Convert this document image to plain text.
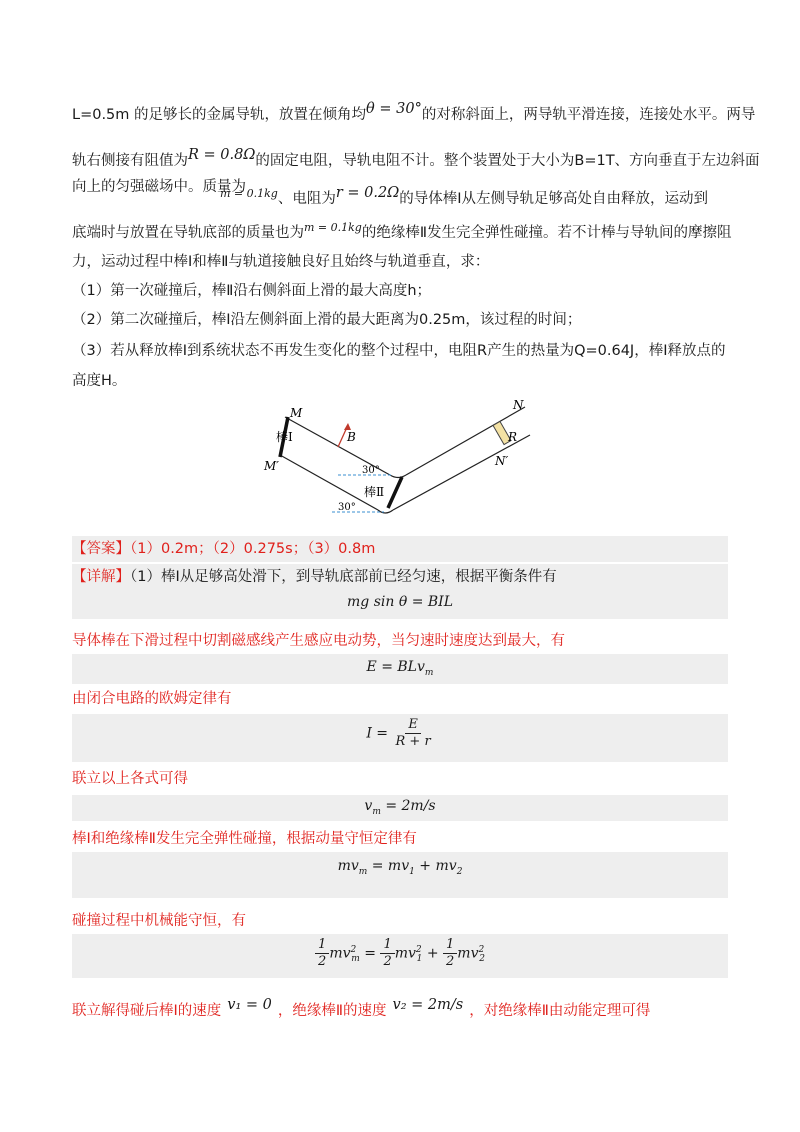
L=0.5m 的足够长的金属导轨，放置在倾角均θ = 30°的对称斜面上，两导轨平滑连接，连接处水平。两导
轨右侧接有阻值为R = 0.8Ω的固定电阻，导轨电阻不计。整个装置处于大小为B=1T、方向垂直于左边斜面
向上的匀强磁场中。质量为
$^{m = 0.1kg}$、电阻为r = 0.2Ω的导体棒Ⅰ从左侧导轨足够高处自由释放，运动到
底端时与放置在导轨底部的质量也为$^{m = 0.1kg}$的绝缘棒Ⅱ发生完全弹性碰撞。若不计棒与导轨间的摩擦阻
力，运动过程中棒Ⅰ和棒Ⅱ与轨道接触良好且始终与轨道垂直，求：
（1）第一次碰撞后，棒Ⅱ沿右侧斜面上滑的最大高度h；
（2）第二次碰撞后，棒Ⅰ沿左侧斜面上滑的最大距离为0.25m，该过程的时间；
（3）若从释放棒Ⅰ到系统状态不再发生变化的整个过程中，电阻R产生的热量为Q=0.64J，棒Ⅰ释放点的
高度H。
M
M′
N
N′
R
B
棒Ⅰ
棒Ⅱ
30°
30°
【答案】（1）0.2m；（2）0.275s；（3）0.8m
【详解】（1）棒Ⅰ从足够高处滑下，到导轨底部前已经匀速，根据平衡条件有
mg sin θ = BIL
导体棒在下滑过程中切割磁感线产生感应电动势，当匀速时速度达到最大，有
E = BLv$_m$
由闭合电路的欧姆定律有
$I = \frac{E}{R + r}$
联立以上各式可得
$v_m = 2m/s$
棒Ⅰ和绝缘棒Ⅱ发生完全弹性碰撞，根据动量守恒定律有
$mv_m = mv_1 + mv_2$
碰撞过程中机械能守恒，有
$\frac{1}{2} mv^2_m = \frac{1}{2} mv^2_1 + \frac{1}{2} mv^2_2$
联立解得碰后棒Ⅰ的速度 v₁ = 0 ，绝缘棒Ⅱ的速度 v₂ = 2m/s ，对绝缘棒Ⅱ由动能定理可得
